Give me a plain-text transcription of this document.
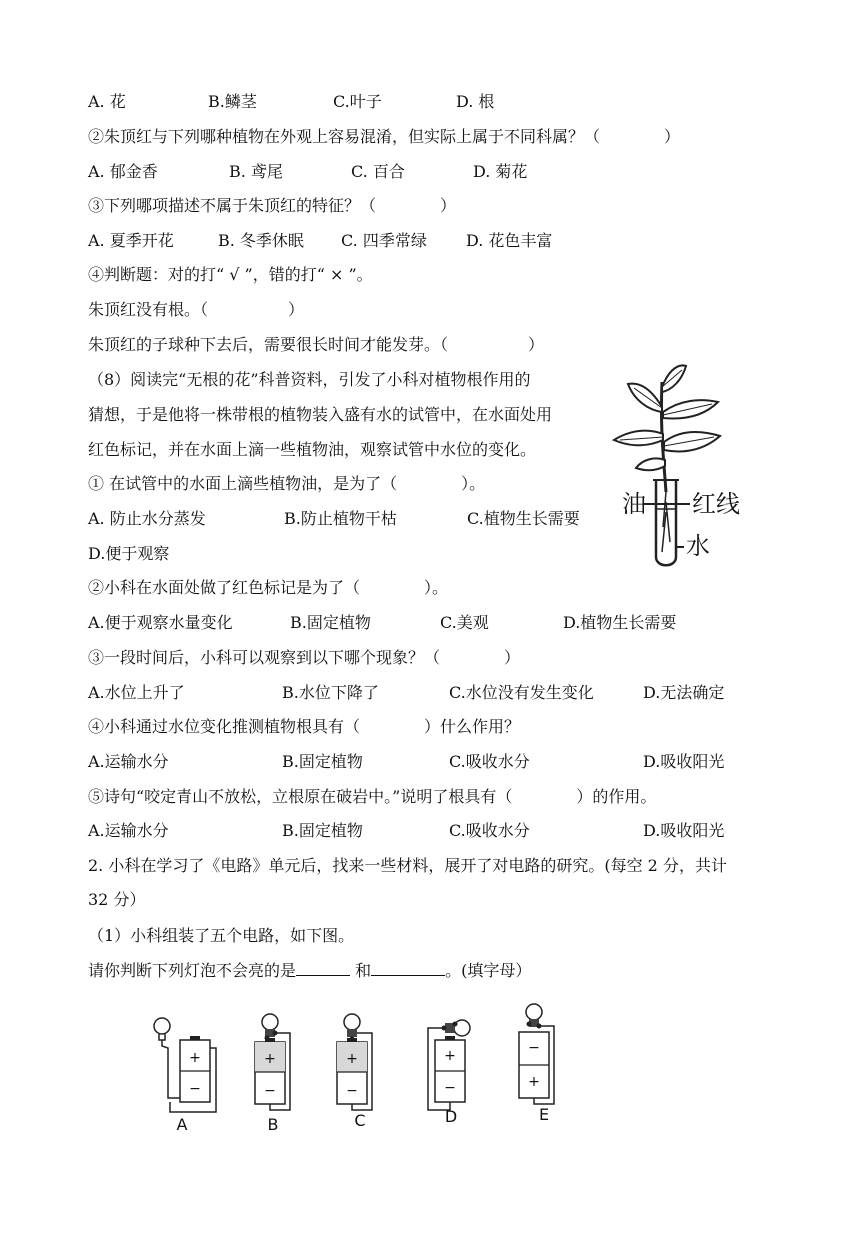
A. 花	B.鳞茎	C.叶子	D. 根
②朱顶红与下列哪种植物在外观上容易混淆，但实际上属于不同科属？（　　　　）
A. 郁金香	B. 鸢尾	C. 百合	D. 菊花
③下列哪项描述不属于朱顶红的特征？（　　　　）
A. 夏季开花	B. 冬季休眠 C. 四季常绿 D. 花色丰富
④判断题：对的打“ √ ”，错的打“ × ”。
朱顶红没有根。（　　　　　）
朱顶红的子球种下去后，需要很长时间才能发芽。（　　　　　）
（8）阅读完“无根的花”科普资料，引发了小科对植物根作用的
猜想，于是他将一株带根的植物装入盛有水的试管中，在水面处用
红色标记，并在水面上滴一些植物油，观察试管中水位的变化。
① 在试管中的水面上滴些植物油，是为了（　　　　）。
A. 防止水分蒸发	B.防止植物干枯	C.植物生长需要
D.便于观察
②小科在水面处做了红色标记是为了（　　　　）。
A.便于观察水量变化	B.固定植物	C.美观	D.植物生长需要
③一段时间后，小科可以观察到以下哪个现象？（　　　　）
A.水位上升了	B.水位下降了	C.水位没有发生变化	D.无法确定
④小科通过水位变化推测植物根具有（　　　　）什么作用？
A.运输水分	B.固定植物	C.吸收水分	D.吸收阳光
⑤诗句“咬定青山不放松，立根原在破岩中。”说明了根具有（　　　　）的作用。
A.运输水分	B.固定植物	C.吸收水分	D.吸收阳光
2. 小科在学习了《电路》单元后，找来一些材料，展开了对电路的研究。(每空 2 分，共计
32 分）
（1）小科组装了五个电路，如下图。
请你判断下列灯泡不会亮的是	和	。(填字母）
油 红线
水
+
−
A
+
−
B
+
−
C
+
−
D
−
+
E
